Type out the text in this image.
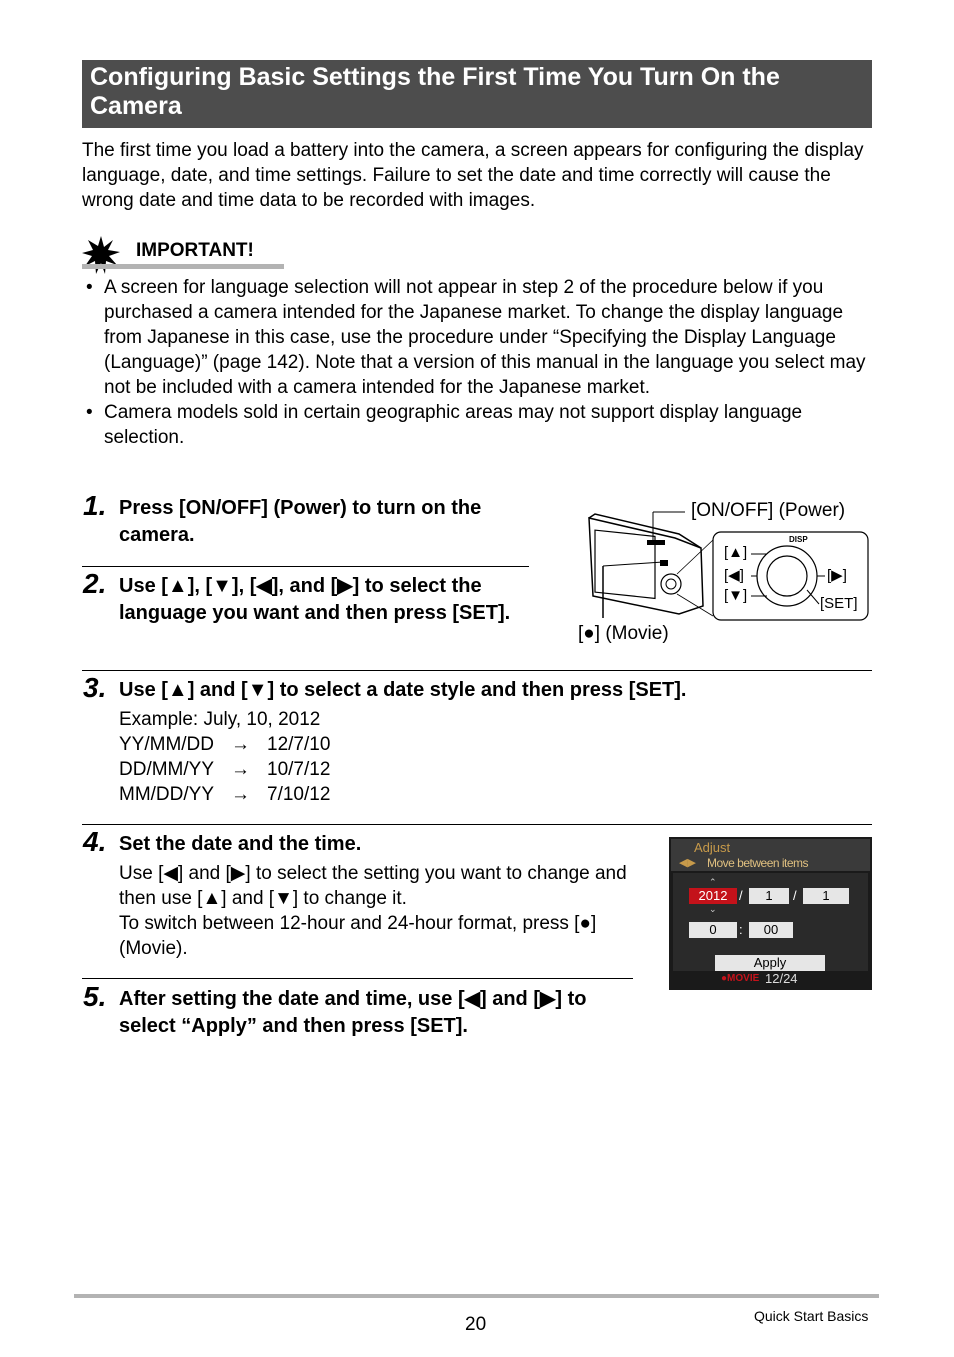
Configuring Basic Settings the First Time You Turn On the Camera
The first time you load a battery into the camera, a screen appears for configuring the display language, date, and time settings. Failure to set the date and time correctly will cause the wrong date and time data to be recorded with images.
IMPORTANT!
• A screen for language selection will not appear in step 2 of the procedure below if you purchased a camera intended for the Japanese market. To change the display language from Japanese in this case, use the procedure under “Specifying the Display Language (Language)” (page 142). Note that a version of this manual in the language you select may not be included with a camera intended for the Japanese market.
• Camera models sold in certain geographic areas may not support display language selection.
1. Press [ON/OFF] (Power) to turn on the camera.
2. Use [▲], [▼], [◀], and [▶] to select the language you want and then press [SET].
[ON/OFF] (Power)
DISP
[▲]
[◀]
[▼]
[▶]
[SET]
[●] (Movie)
3. Use [▲] and [▼] to select a date style and then press [SET].
Example: July, 10, 2012
YY/MM/DD → 12/7/10
DD/MM/YY → 10/7/12
MM/DD/YY → 7/10/12
4. Set the date and the time.
Use [◀] and [▶] to select the setting you want to change and then use [▲] and [▼] to change it.
To switch between 12-hour and 24-hour format, press [●] (Movie).
Adjust
◀▶ Move between items
⌃
2012
⌄
/	1	/	1
0	:	00
Apply
●MOVIE 12/24
5. After setting the date and time, use [◀] and [▶] to select “Apply” and then press [SET].
20	Quick Start Basics
